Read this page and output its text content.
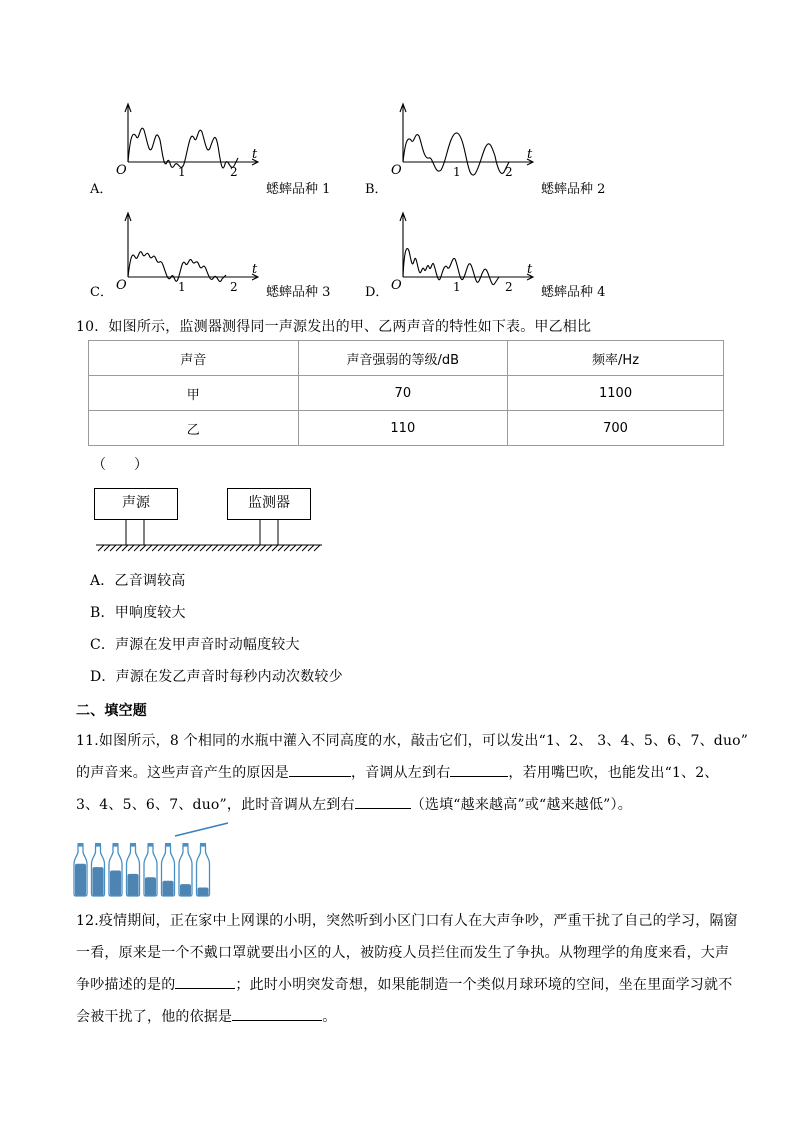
A．
O	1	2
t
蟋蟀品种 1	B．
O	1	2
t
蟋蟀品种 2
C． O	1	2
t
蟋蟀品种 3	D． O	1	2
t
蟋蟀品种 4
10．如图所示，监测器测得同一声源发出的甲、乙两声音的特性如下表。甲乙相比
声音	声音强弱的等级/dB	频率/Hz
甲	70	1100
乙	110	700
（　　）
声源	监测器
A．乙音调较高
B．甲响度较大
C．声源在发甲声音时动幅度较大
D．声源在发乙声音时每秒内动次数较少
二、填空题
11.如图所示，8 个相同的水瓶中灌入不同高度的水，敲击它们，可以发出“1、2、 3、4、5、6、7、duo”
的声音来。这些声音产生的原因是	，音调从左到右	，若用嘴巴吹，也能发出“1、2、
3、4、5、6、7、duo”，此时音调从左到右	（选填“越来越高”或“越来越低”）。
12.疫情期间，正在家中上网课的小明，突然听到小区门口有人在大声争吵，严重干扰了自己的学习，隔窗
一看，原来是一个不戴口罩就要出小区的人，被防疫人员拦住而发生了争执。从物理学的角度来看，大声
争吵描述的是的	；此时小明突发奇想，如果能制造一个类似月球环境的空间，坐在里面学习就不
会被干扰了，他的依据是	。
